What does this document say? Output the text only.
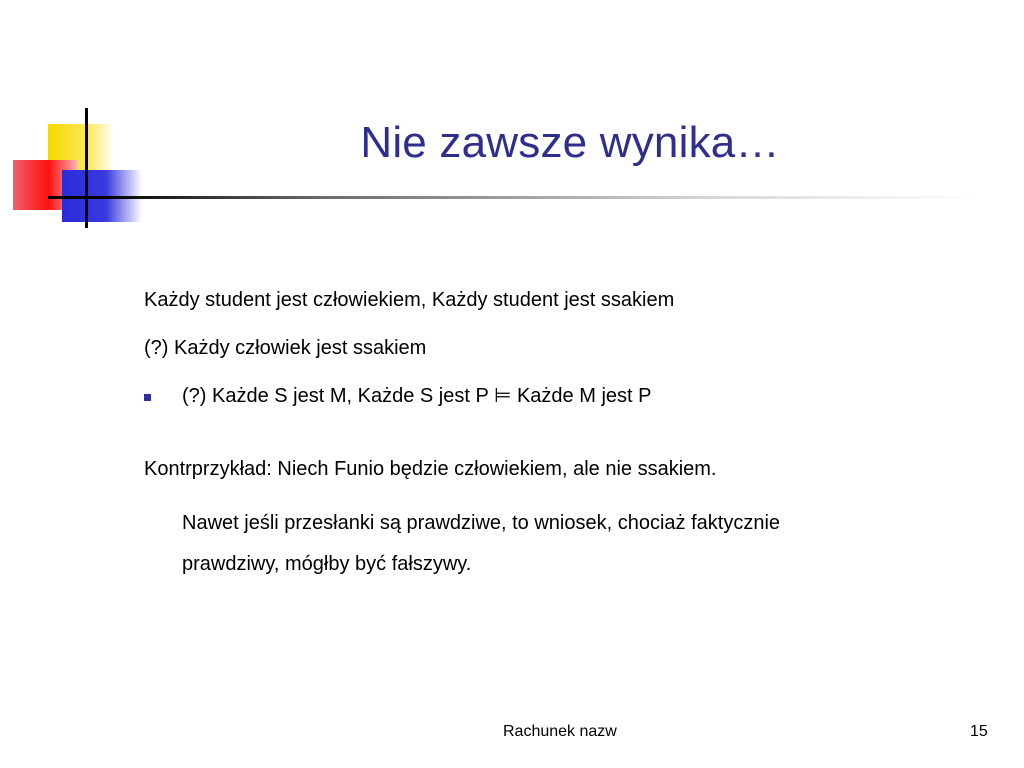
Nie zawsze wynika…

Każdy student jest człowiekiem, Każdy student jest ssakiem

(?) Każdy człowiek jest ssakiem

(?) Każde S jest M, Każde S jest P ⊨ Każde M jest P

Kontrprzykład: Niech Funio będzie człowiekiem, ale nie ssakiem.

Nawet jeśli przesłanki są prawdziwe, to wniosek, chociaż faktycznie

prawdziwy, mógłby być fałszywy.

Rachunek nazw	15
